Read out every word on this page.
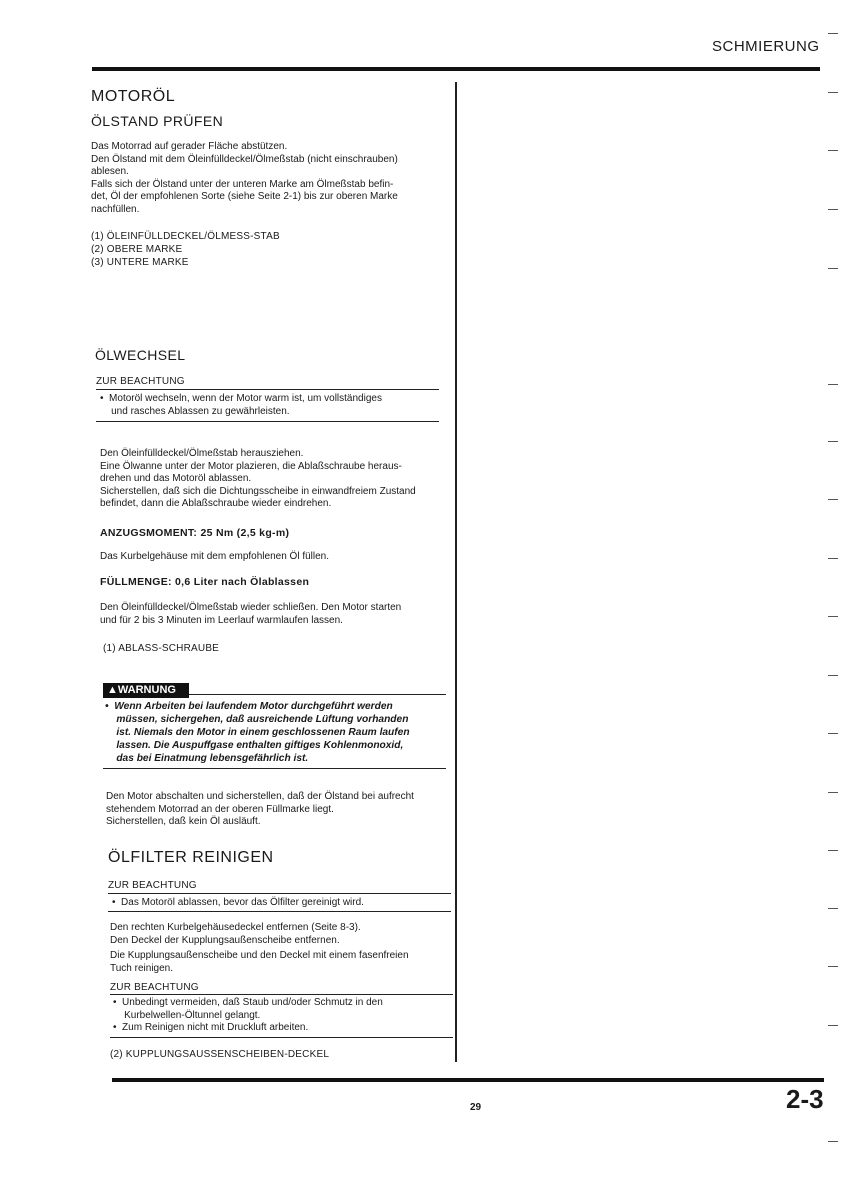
SCHMIERUNG
MOTORÖL
ÖLSTAND PRÜFEN
Das Motorrad auf gerader Fläche abstützen.
Den Ölstand mit dem Öleinfülldeckel/Ölmeßstab (nicht einschrauben)
ablesen.
Falls sich der Ölstand unter der unteren Marke am Ölmeßstab befin-
det, Öl der empfohlenen Sorte (siehe Seite 2-1) bis zur oberen Marke
nachfüllen.
(1) ÖLEINFÜLLDECKEL/ÖLMESS-STAB
(2) OBERE MARKE
(3) UNTERE MARKE
ÖLWECHSEL
ZUR BEACHTUNG
•  Motoröl wechseln, wenn der Motor warm ist, um vollständiges
und rasches Ablassen zu gewährleisten.
Den Öleinfülldeckel/Ölmeßstab herausziehen.
Eine Ölwanne unter der Motor plazieren, die Ablaßschraube heraus-
drehen und das Motoröl ablassen.
Sicherstellen, daß sich die Dichtungsscheibe in einwandfreiem Zustand
befindet, dann die Ablaßschraube wieder eindrehen.
ANZUGSMOMENT: 25 Nm (2,5 kg-m)
Das Kurbelgehäuse mit dem empfohlenen Öl füllen.
FÜLLMENGE: 0,6 Liter nach Ölablassen
Den Öleinfülldeckel/Ölmeßstab wieder schließen. Den Motor starten
und für 2 bis 3 Minuten im Leerlauf warmlaufen lassen.
(1) ABLASS-SCHRAUBE
▲WARNUNG
•  Wenn Arbeiten bei laufendem Motor durchgeführt werden
müssen, sichergehen, daß ausreichende Lüftung vorhanden
ist. Niemals den Motor in einem geschlossenen Raum laufen
lassen. Die Auspuffgase enthalten giftiges Kohlenmonoxid,
das bei Einatmung lebensgefährlich ist.
Den Motor abschalten und sicherstellen, daß der Ölstand bei aufrecht
stehendem Motorrad an der oberen Füllmarke liegt.
Sicherstellen, daß kein Öl ausläuft.
ÖLFILTER REINIGEN
ZUR BEACHTUNG
•  Das Motoröl ablassen, bevor das Ölfilter gereinigt wird.
Den rechten Kurbelgehäusedeckel entfernen (Seite 8-3).
Den Deckel der Kupplungsaußenscheibe entfernen.
Die Kupplungsaußenscheibe und den Deckel mit einem fasenfreien
Tuch reinigen.
ZUR BEACHTUNG
•  Unbedingt vermeiden, daß Staub und/oder Schmutz in den
Kurbelwellen-Öltunnel gelangt.
•  Zum Reinigen nicht mit Druckluft arbeiten.
(2) KUPPLUNGSAUSSENSCHEIBEN-DECKEL
29	2-3
